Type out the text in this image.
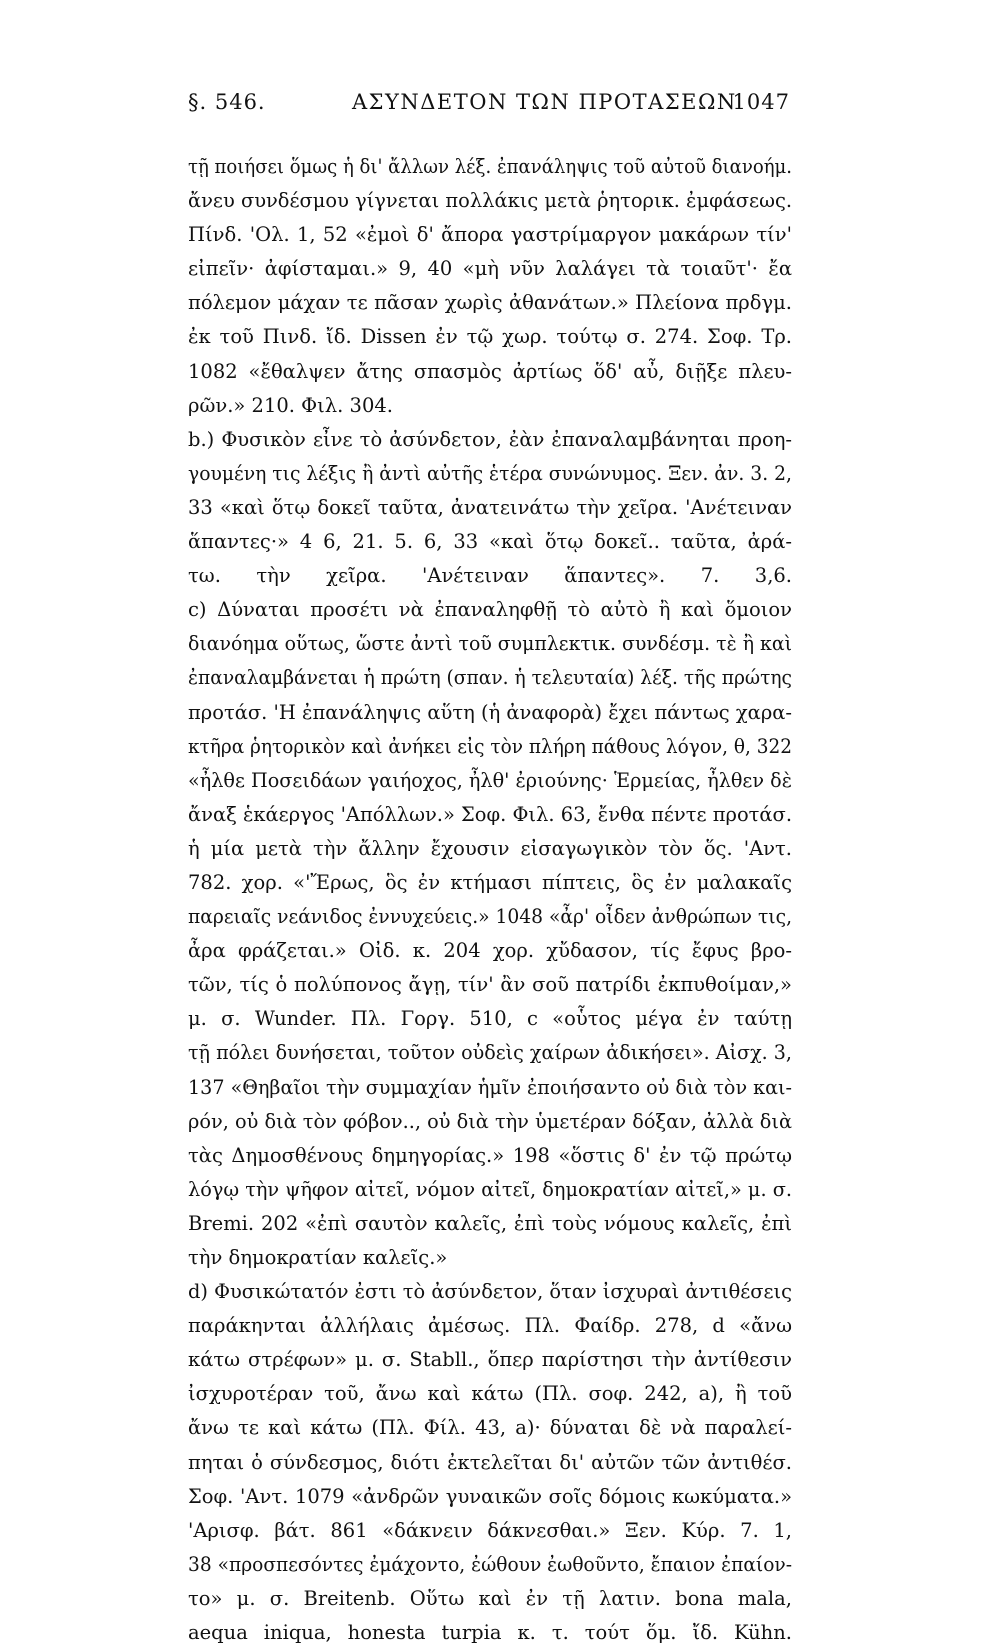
§. 546.	ΑΣΥΝΔΕΤΟΝ ΤΩΝ ΠΡΟΤΑΣΕΩΝ
1047
τῇ ποιήσει ὅμως ἡ δι' ἄλλων λέξ. ἐπανάληψις τοῦ αὐτοῦ διανοήμ.
ἄνευ συνδέσμου γίγνεται πολλάκις μετὰ ῥητορικ. ἐμφάσεως.
Πίνδ. 'Ολ. 1, 52 «ἐμοὶ δ' ἄπορα γαστρίμαργον μακάρων τίν'
εἰπεῖν· ἀφίσταμαι.» 9, 40 «μὴ νῦν λαλάγει τὰ τοιαῦτ'· ἔα
πόλεμον μάχαν τε πᾶσαν χωρὶς ἀθανάτων.» Πλείονα πρδγμ.
ἐκ τοῦ Πινδ. ἴδ. Dissen ἐν τῷ χωρ. τούτῳ σ. 274. Σοφ. Τρ.
1082 «ἔθαλψεν ἄτης σπασμὸς ἀρτίως ὅδ' αὖ, διῇξε πλευ-
ρῶν.» 210. Φιλ. 304.
b.) Φυσικὸν εἶνε τὸ ἀσύνδετον, ἐὰν ἐπαναλαμβάνηται προη-
γουμένη τις λέξις ἢ ἀντὶ αὐτῆς ἑτέρα συνώνυμος. Ξεν. ἀν. 3. 2,
33 «καὶ ὅτῳ δοκεῖ ταῦτα, ἀνατεινάτω τὴν χεῖρα. 'Ανέτειναν
ἅπαντες·» 4 6, 21. 5. 6, 33 «καὶ ὅτῳ δοκεῖ.. ταῦτα, ἀρά-
τω. τὴν χεῖρα. 'Ανέτειναν ἅπαντες». 7. 3,6.
c) Δύναται προσέτι νὰ ἐπαναληφθῇ τὸ αὐτὸ ἢ καὶ ὅμοιον
διανόημα οὕτως, ὥστε ἀντὶ τοῦ συμπλεκτικ. συνδέσμ. τὲ ἢ καὶ
ἐπαναλαμβάνεται ἡ πρώτη (σπαν. ἡ τελευταία) λέξ. τῆς πρώτης
προτάσ. 'Η ἐπανάληψις αὕτη (ἡ ἀναφορὰ) ἔχει πάντως χαρα-
κτῆρα ῥητορικὸν καὶ ἀνήκει εἰς τὸν πλήρη πάθους λόγον, θ, 322
«ἦλθε Ποσειδάων γαιήοχος, ἦλθ' ἐριούνης· Ἑρμείας, ἦλθεν δὲ
ἄναξ ἑκάεργος 'Απόλλων.» Σοφ. Φιλ. 63, ἔνθα πέντε προτάσ.
ἡ μία μετὰ τὴν ἄλλην ἔχουσιν εἰσαγωγικὸν τὸν ὅς. 'Αντ.
782. χορ. «'Ἔρως, ὃς ἐν κτήμασι πίπτεις, ὃς ἐν μαλακαῖς
παρειαῖς νεάνιδος ἐννυχεύεις.» 1048 «ἆρ' οἶδεν ἀνθρώπων τις,
ἆρα φράζεται.» Οἰδ. κ. 204 χορ. χὔδασον, τίς ἔφυς βρο-
τῶν, τίς ὁ πολύπονος ἄγῃ, τίν' ἂν σοῦ πατρίδι ἐκπυθοίμαν,»
μ. σ. Wunder. Πλ. Γοργ. 510, c «οὗτος μέγα ἐν ταύτῃ
τῇ πόλει δυνήσεται, τοῦτον οὐδεὶς χαίρων ἀδικήσει». Αἰσχ. 3,
137 «Θηβαῖοι τὴν συμμαχίαν ἡμῖν ἐποιήσαντο οὐ διὰ τὸν και-
ρόν, οὐ διὰ τὸν φόβον.., οὐ διὰ τὴν ὑμετέραν δόξαν, ἀλλὰ διὰ
τὰς Δημοσθένους δημηγορίας.» 198 «ὅστις δ' ἐν τῷ πρώτῳ
λόγῳ τὴν ψῆφον αἰτεῖ, νόμον αἰτεῖ, δημοκρατίαν αἰτεῖ,» μ. σ.
Bremi. 202 «ἐπὶ σαυτὸν καλεῖς, ἐπὶ τοὺς νόμους καλεῖς, ἐπὶ
τὴν δημοκρατίαν καλεῖς.»
d) Φυσικώτατόν ἐστι τὸ ἀσύνδετον, ὅταν ἰσχυραὶ ἀντιθέσεις
παράκηνται ἀλλήλαις ἀμέσως. Πλ. Φαίδρ. 278, d «ἄνω
κάτω στρέφων» μ. σ. Stabll., ὅπερ παρίστησι τὴν ἀντίθεσιν
ἰσχυροτέραν τοῦ, ἄνω καὶ κάτω (Πλ. σοφ. 242, a), ἢ τοῦ
ἄνω τε καὶ κάτω (Πλ. Φίλ. 43, a)· δύναται δὲ νὰ παραλεί-
πηται ὁ σύνδεσμος, διότι ἐκτελεῖται δι' αὐτῶν τῶν ἀντιθέσ.
Σοφ. 'Αντ. 1079 «ἀνδρῶν γυναικῶν σοῖς δόμοις κωκύματα.»
'Αρισφ. βάτ. 861 «δάκνειν δάκνεσθαι.» Ξεν. Κύρ. 7. 1,
38 «προσπεσόντες ἐμάχοντο, ἐώθουν ἐωθοῦντο, ἔπαιον ἐπαίον-
το» μ. σ. Breitenb. Οὕτω καὶ ἐν τῇ λατιν. bona mala,
aequa iniqua, honesta turpia κ. τ. τούτ ὅμ. ἴδ. Kühn.
